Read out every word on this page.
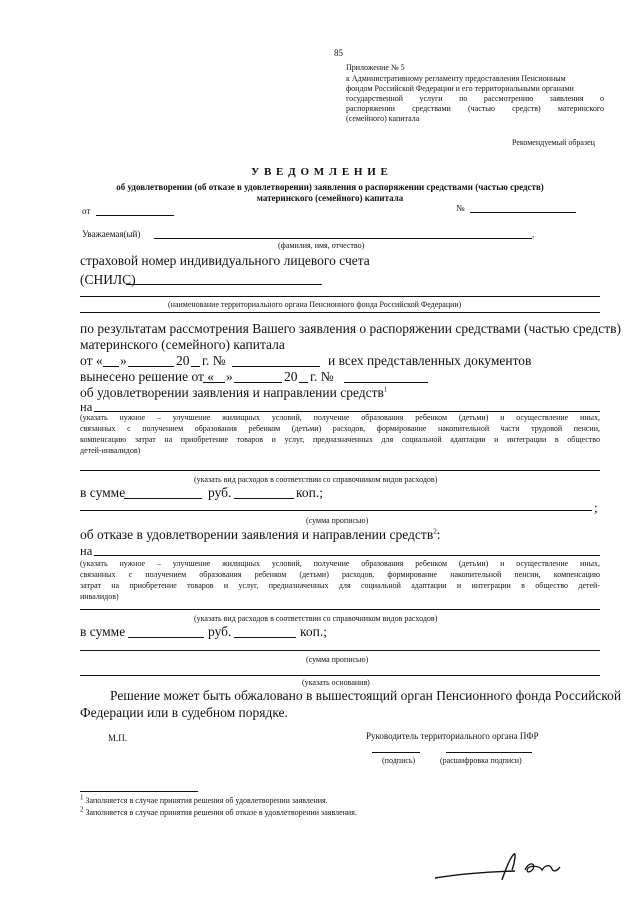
85
Приложение № 5
к Административному регламенту предоставления Пенсионным
фондом Российской Федерации и его территориальными органами
государственной услуги по рассмотрению заявления о
распоряжении средствами (частью средств) материнского
(семейного) капитала
Рекомендуемый образец
У В Е Д О М Л Е Н И Е
об удовлетворении (об отказе в удовлетворении) заявления о распоряжении средствами (частью средств)
материнского (семейного) капитала
от	№
Уважаемая(ый)	,
(фамилия, имя, отчество)
страховой номер индивидуального лицевого счета
(СНИЛС)
(наименование территориального органа Пенсионного фонда Российской Федерации)
по результатам рассмотрения Вашего заявления о распоряжении средствами (частью средств)
материнского (семейного) капитала
от « »	20 г. №	и всех представленных документов
вынесено решение от « »	20 г. №
об удовлетворении заявления и направлении средств$^1$
на
(указать нужное – улучшение жилищных условий, получение образования ребенком (детьми) и осуществление иных,
связанных с получением образования ребенком (детьми) расходов, формирование накопительной части трудовой пенсии,
компенсацию затрат на приобретение товаров и услуг, предназначенных для социальной адаптации и интеграции в общество
детей-инвалидов)
(указать вид расходов в соответствии со справочником видов расходов)
в сумме	руб.	коп.;
;
(сумма прописью)
об отказе в удовлетворении заявления и направлении средств$^2$:
на
(указать нужное – улучшение жилищных условий, получение образования ребенком (детьми) и осуществление иных,
связанных с получением образования ребенком (детьми) расходов, формирование накопительной пенсии, компенсацию
затрат на приобретение товаров и услуг, предназначенных для социальной адаптации и интеграции в общество детей-
инвалидов)
(указать вид расходов в соответствии со справочником видов расходов)
в сумме	руб.	коп.;
(сумма прописью)
(указать основания)
Решение может быть обжаловано в вышестоящий орган Пенсионного фонда Российской
Федерации или в судебном порядке.
М.П.	Руководитель территориального органа ПФР
(подпись)	(расшифровка подписи)
$^1$ Заполняется в случае принятия решения об удовлетворении заявления.
$^2$ Заполняется в случае принятия решения об отказе в удовлетворении заявления.
